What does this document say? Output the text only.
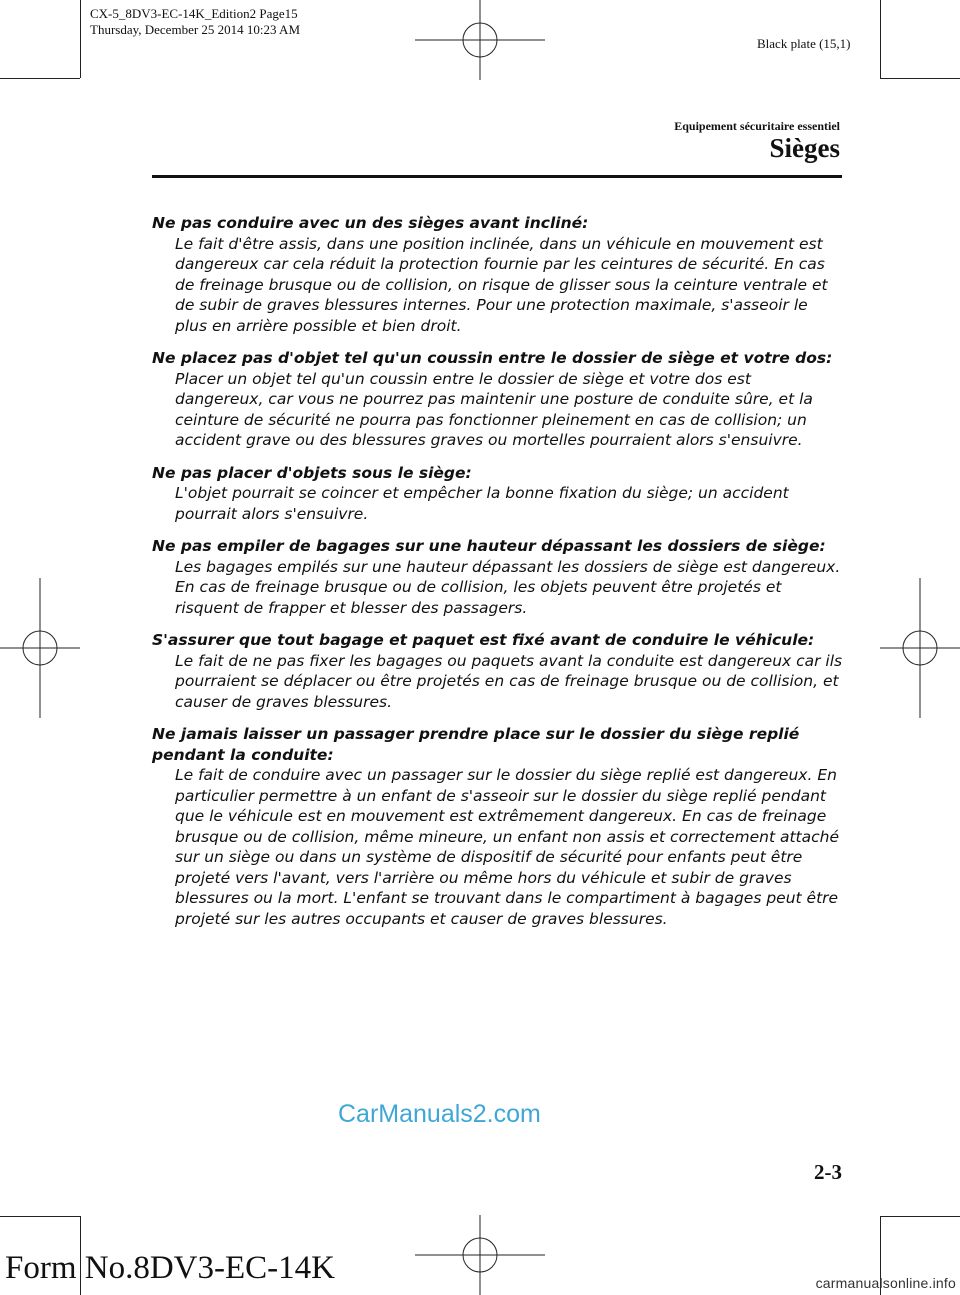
CX-5_8DV3-EC-14K_Edition2 Page15
Thursday, December 25 2014 10:23 AM
Black plate (15,1)
Equipement sécuritaire essentiel
Sièges
Ne pas conduire avec un des sièges avant incliné:
Le fait d'être assis, dans une position inclinée, dans un véhicule en mouvement est dangereux car cela réduit la protection fournie par les ceintures de sécurité. En cas de freinage brusque ou de collision, on risque de glisser sous la ceinture ventrale et de subir de graves blessures internes. Pour une protection maximale, s'asseoir le plus en arrière possible et bien droit.
Ne placez pas d'objet tel qu'un coussin entre le dossier de siège et votre dos:
Placer un objet tel qu'un coussin entre le dossier de siège et votre dos est dangereux, car vous ne pourrez pas maintenir une posture de conduite sûre, et la ceinture de sécurité ne pourra pas fonctionner pleinement en cas de collision; un accident grave ou des blessures graves ou mortelles pourraient alors s'ensuivre.
Ne pas placer d'objets sous le siège:
L'objet pourrait se coincer et empêcher la bonne fixation du siège; un accident pourrait alors s'ensuivre.
Ne pas empiler de bagages sur une hauteur dépassant les dossiers de siège:
Les bagages empilés sur une hauteur dépassant les dossiers de siège est dangereux. En cas de freinage brusque ou de collision, les objets peuvent être projetés et risquent de frapper et blesser des passagers.
S'assurer que tout bagage et paquet est fixé avant de conduire le véhicule:
Le fait de ne pas fixer les bagages ou paquets avant la conduite est dangereux car ils pourraient se déplacer ou être projetés en cas de freinage brusque ou de collision, et causer de graves blessures.
Ne jamais laisser un passager prendre place sur le dossier du siège replié pendant la conduite:
Le fait de conduire avec un passager sur le dossier du siège replié est dangereux. En particulier permettre à un enfant de s'asseoir sur le dossier du siège replié pendant que le véhicule est en mouvement est extrêmement dangereux. En cas de freinage brusque ou de collision, même mineure, un enfant non assis et correctement attaché sur un siège ou dans un système de dispositif de sécurité pour enfants peut être projeté vers l'avant, vers l'arrière ou même hors du véhicule et subir de graves blessures ou la mort. L'enfant se trouvant dans le compartiment à bagages peut être projeté sur les autres occupants et causer de graves blessures.
CarManuals2.com
2-3
Form No.8DV3-EC-14K	carmanualsonline.info
